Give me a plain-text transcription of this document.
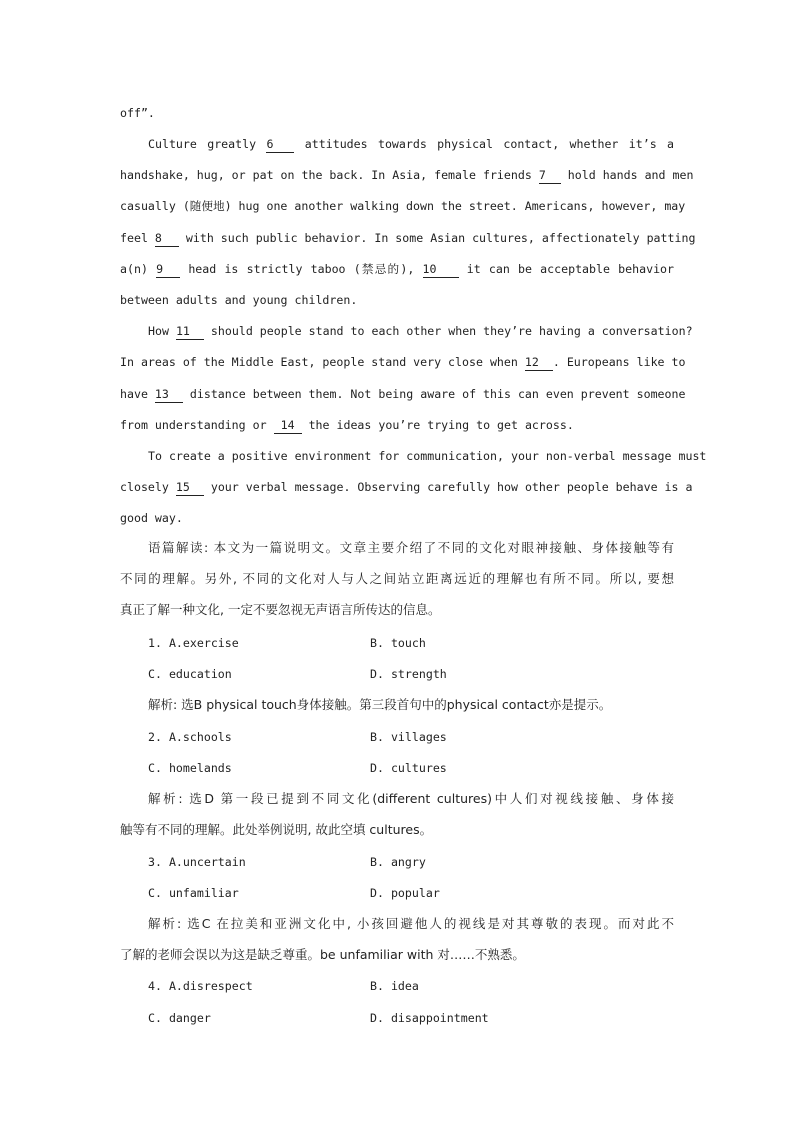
off”.
Culture greatly 6	attitudes towards physical contact, whether it’s a
handshake, hug, or pat on the back. In Asia, female friends 7 hold hands and men
casually (随便地) hug one another walking down the street. Americans, however, may
feel 8 with such public behavior. In some Asian cultures, affectionately patting
a(n) 9 head is strictly taboo (禁忌的), 10	it can be acceptable behavior
between adults and young children.
How 11 should people stand to each other when they’re having a conversation?
In areas of the Middle East, people stand very close when 12 . Europeans like to
have 13 distance between them. Not being aware of this can even prevent someone
from understanding or 14 the ideas you’re trying to get across.
To create a positive environment for communication, your non-verbal message must
closely 15 your verbal message. Observing carefully how other people behave is a
good way.
语篇解读: 本文为一篇说明文。文章主要介绍了不同的文化对眼神接触、身体接触等有
不同的理解。另外, 不同的文化对人与人之间站立距离远近的理解也有所不同。所以, 要想
真正了解一种文化, 一定不要忽视无声语言所传达的信息。
1. A.exercise	B. touch
C. education	D. strength
解析: 选B physical touch身体接触。第三段首句中的physical contact亦是提示。
2. A.schools	B. villages
C. homelands	D. cultures
解析: 选D 第一段已提到不同文化(different cultures)中人们对视线接触、身体接
触等有不同的理解。此处举例说明, 故此空填 cultures。
3. A.uncertain	B. angry
C. unfamiliar	D. popular
解析: 选C 在拉美和亚洲文化中, 小孩回避他人的视线是对其尊敬的表现。而对此不
了解的老师会误以为这是缺乏尊重。be unfamiliar with 对……不熟悉。
4. A.disrespect	B. idea
C. danger	D. disappointment
